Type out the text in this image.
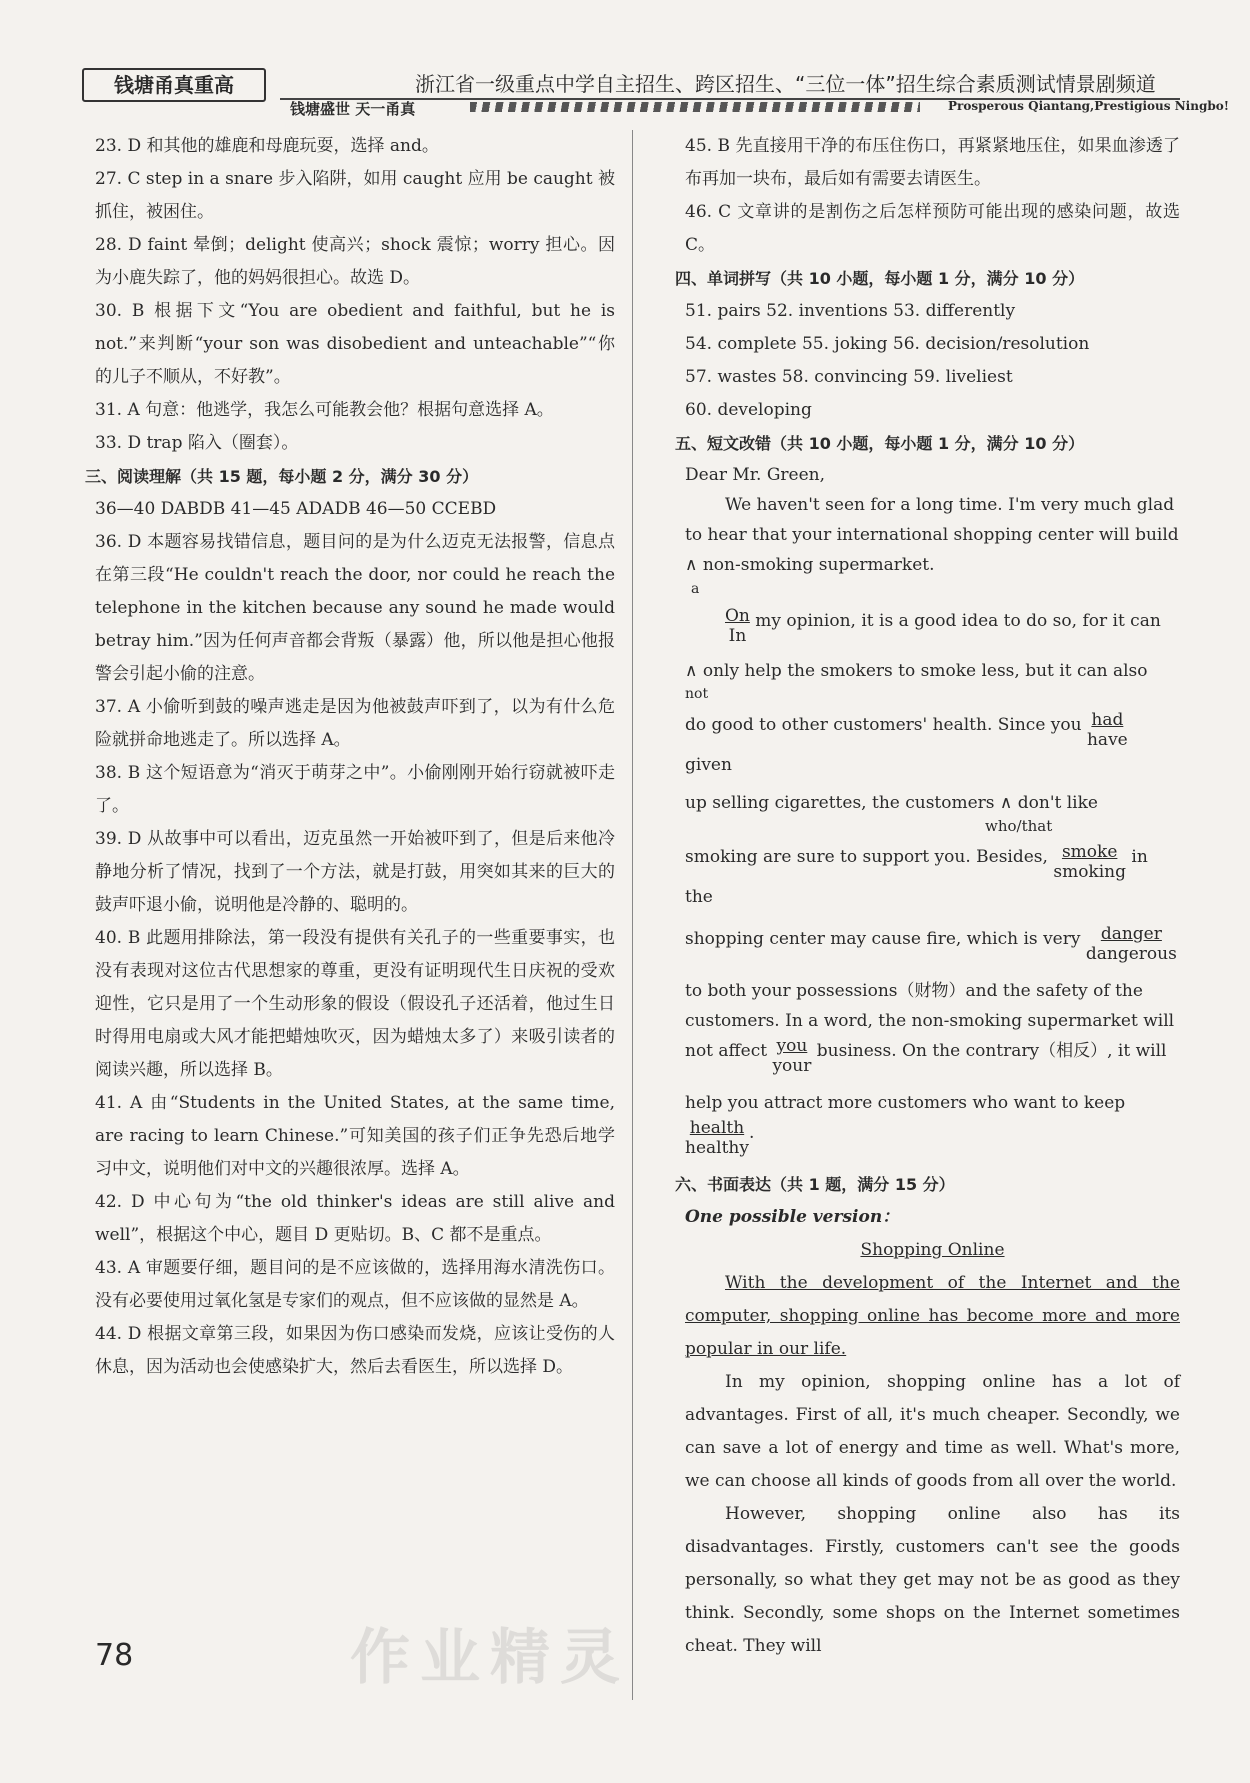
钱塘甬真重高	浙江省一级重点中学自主招生、跨区招生、“三位一体”招生综合素质测试情景剧频道
钱塘盛世 天一甬真	Prosperous Qiantang,Prestigious Ningbo!
23. D 和其他的雄鹿和母鹿玩耍，选择 and。
27. C step in a snare 步入陷阱，如用 caught 应用 be caught 被抓住，被困住。
28. D faint 晕倒；delight 使高兴；shock 震惊；worry 担心。因为小鹿失踪了，他的妈妈很担心。故选 D。
30. B 根据下文“You are obedient and faithful, but he is not.”来判断“your son was disobedient and unteachable”“你的儿子不顺从，不好教”。
31. A 句意：他逃学，我怎么可能教会他？根据句意选择 A。
33. D trap 陷入（圈套）。
三、阅读理解（共 15 题，每小题 2 分，满分 30 分）
36—40 DABDB 41—45 ADADB 46—50 CCEBD
36. D 本题容易找错信息，题目问的是为什么迈克无法报警，信息点在第三段“He couldn't reach the door, nor could he reach the telephone in the kitchen because any sound he made would betray him.”因为任何声音都会背叛（暴露）他，所以他是担心他报警会引起小偷的注意。
37. A 小偷听到鼓的噪声逃走是因为他被鼓声吓到了，以为有什么危险就拼命地逃走了。所以选择 A。
38. B 这个短语意为“消灭于萌芽之中”。小偷刚刚开始行窃就被吓走了。
39. D 从故事中可以看出，迈克虽然一开始被吓到了，但是后来他冷静地分析了情况，找到了一个方法，就是打鼓，用突如其来的巨大的鼓声吓退小偷，说明他是冷静的、聪明的。
40. B 此题用排除法，第一段没有提供有关孔子的一些重要事实，也没有表现对这位古代思想家的尊重，更没有证明现代生日庆祝的受欢迎性，它只是用了一个生动形象的假设（假设孔子还活着，他过生日时得用电扇或大风才能把蜡烛吹灭，因为蜡烛太多了）来吸引读者的阅读兴趣，所以选择 B。
41. A 由“Students in the United States, at the same time, are racing to learn Chinese.”可知美国的孩子们正争先恐后地学习中文，说明他们对中文的兴趣很浓厚。选择 A。
42. D 中心句为“the old thinker's ideas are still alive and well”，根据这个中心，题目 D 更贴切。B、C 都不是重点。
43. A 审题要仔细，题目问的是不应该做的，选择用海水清洗伤口。没有必要使用过氧化氢是专家们的观点，但不应该做的显然是 A。
44. D 根据文章第三段，如果因为伤口感染而发烧，应该让受伤的人休息，因为活动也会使感染扩大，然后去看医生，所以选择 D。
45. B 先直接用干净的布压住伤口，再紧紧地压住，如果血渗透了布再加一块布，最后如有需要去请医生。
46. C 文章讲的是割伤之后怎样预防可能出现的感染问题，故选 C。
四、单词拼写（共 10 小题，每小题 1 分，满分 10 分）
51. pairs 52. inventions 53. differently
54. complete 55. joking 56. decision/resolution
57. wastes 58. convincing 59. liveliest
60. developing
五、短文改错（共 10 小题，每小题 1 分，满分 10 分）
Dear Mr. Green,
We haven't seen for a long time. I'm very much glad
to hear that your international shopping center will build
∧ non-smoking supermarket.
a
$\frac{On}{In}$ my opinion, it is a good idea to do so, for it can
∧ only help the smokers to smoke less, but it can also
not
do good to other customers' health. Since you had
have
given
up selling cigarettes, the customers ∧ don't like
who/that
smoking are sure to support you. Besides, smoke
smoking
in the
shopping center may cause fire, which is very danger
dangerous
to both your possessions（财物）and the safety of the
customers. In a word, the non-smoking supermarket will
not affect you
your
business. On the contrary（相反）, it will
help you attract more customers who want to keep
health
healthy
.
六、书面表达（共 1 题，满分 15 分）
One possible version：
Shopping Online
With the development of the Internet and the computer, shopping online has become more and more popular in our life.
In my opinion, shopping online has a lot of advantages. First of all, it's much cheaper. Secondly, we can save a lot of energy and time as well. What's more, we can choose all kinds of goods from all over the world.
However, shopping online also has its disadvantages. Firstly, customers can't see the goods personally, so what they get may not be as good as they think. Secondly, some shops on the Internet sometimes cheat. They will
78	作业精灵
